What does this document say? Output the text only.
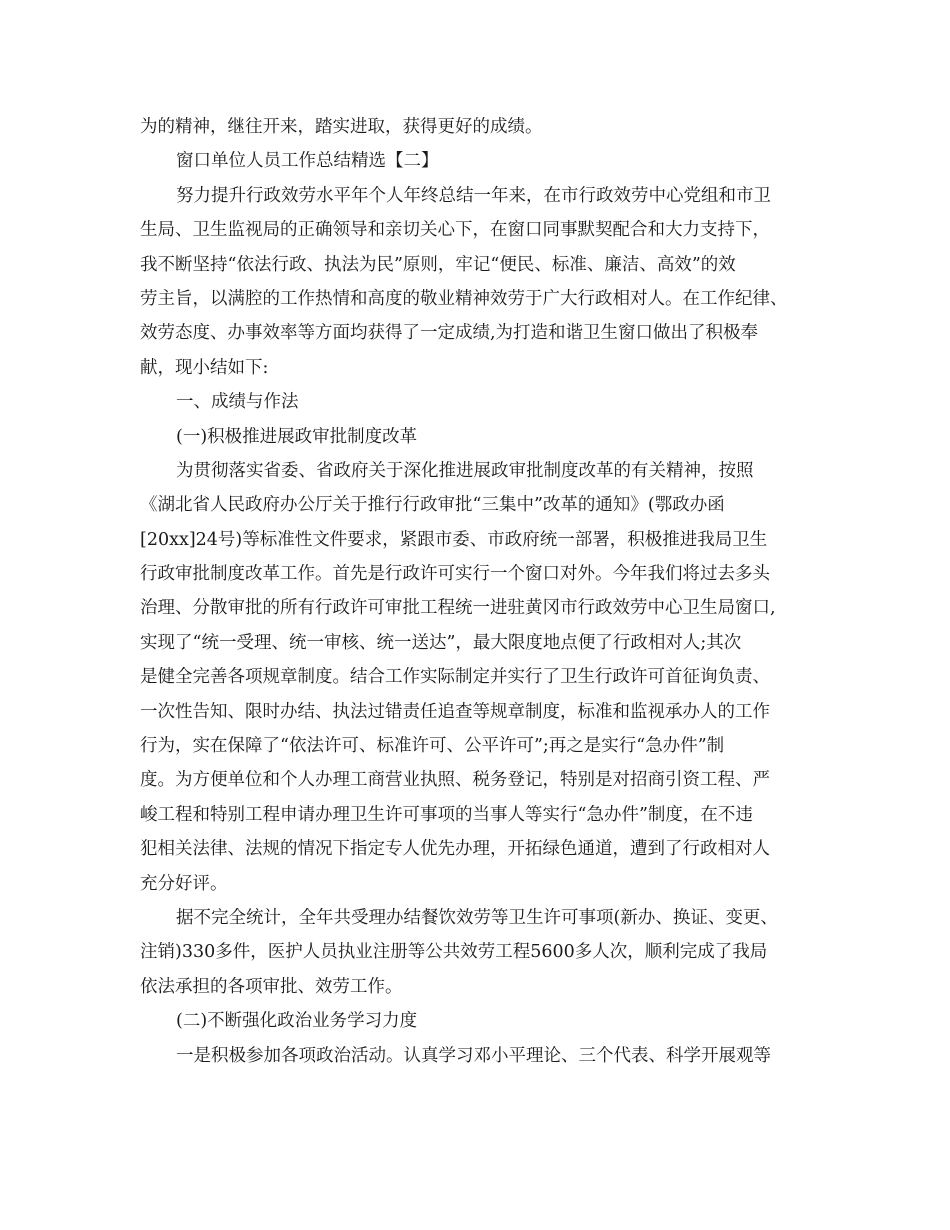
为的精神，继往开来，踏实进取，获得更好的成绩。
窗口单位人员工作总结精选【二】
努力提升行政效劳水平年个人年终总结一年来，在市行政效劳中心党组和市卫
生局、卫生监视局的正确领导和亲切关心下，在窗口同事默契配合和大力支持下，
我不断坚持“依法行政、执法为民”原则，牢记“便民、标准、廉洁、高效”的效
劳主旨，以满腔的工作热情和高度的敬业精神效劳于广大行政相对人。在工作纪律、
效劳态度、办事效率等方面均获得了一定成绩,为打造和谐卫生窗口做出了积极奉
献，现小结如下:
一、成绩与作法
(一)积极推进展政审批制度改革
为贯彻落实省委、省政府关于深化推进展政审批制度改革的有关精神，按照
《湖北省人民政府办公厅关于推行行政审批“三集中”改革的通知》(鄂政办函
[20xx]24号)等标准性文件要求，紧跟市委、市政府统一部署，积极推进我局卫生
行政审批制度改革工作。首先是行政许可实行一个窗口对外。今年我们将过去多头
治理、分散审批的所有行政许可审批工程统一进驻黄冈市行政效劳中心卫生局窗口,
实现了“统一受理、统一审核、统一送达”，最大限度地点便了行政相对人;其次
是健全完善各项规章制度。结合工作实际制定并实行了卫生行政许可首征询负责、
一次性告知、限时办结、执法过错责任追查等规章制度，标准和监视承办人的工作
行为，实在保障了“依法许可、标准许可、公平许可”;再之是实行“急办件”制
度。为方便单位和个人办理工商营业执照、税务登记，特别是对招商引资工程、严
峻工程和特别工程申请办理卫生许可事项的当事人等实行“急办件”制度，在不违
犯相关法律、法规的情况下指定专人优先办理，开拓绿色通道，遭到了行政相对人
充分好评。
据不完全统计，全年共受理办结餐饮效劳等卫生许可事项(新办、换证、变更、
注销)330多件，医护人员执业注册等公共效劳工程5600多人次，顺利完成了我局
依法承担的各项审批、效劳工作。
(二)不断强化政治业务学习力度
一是积极参加各项政治活动。认真学习邓小平理论、三个代表、科学开展观等
